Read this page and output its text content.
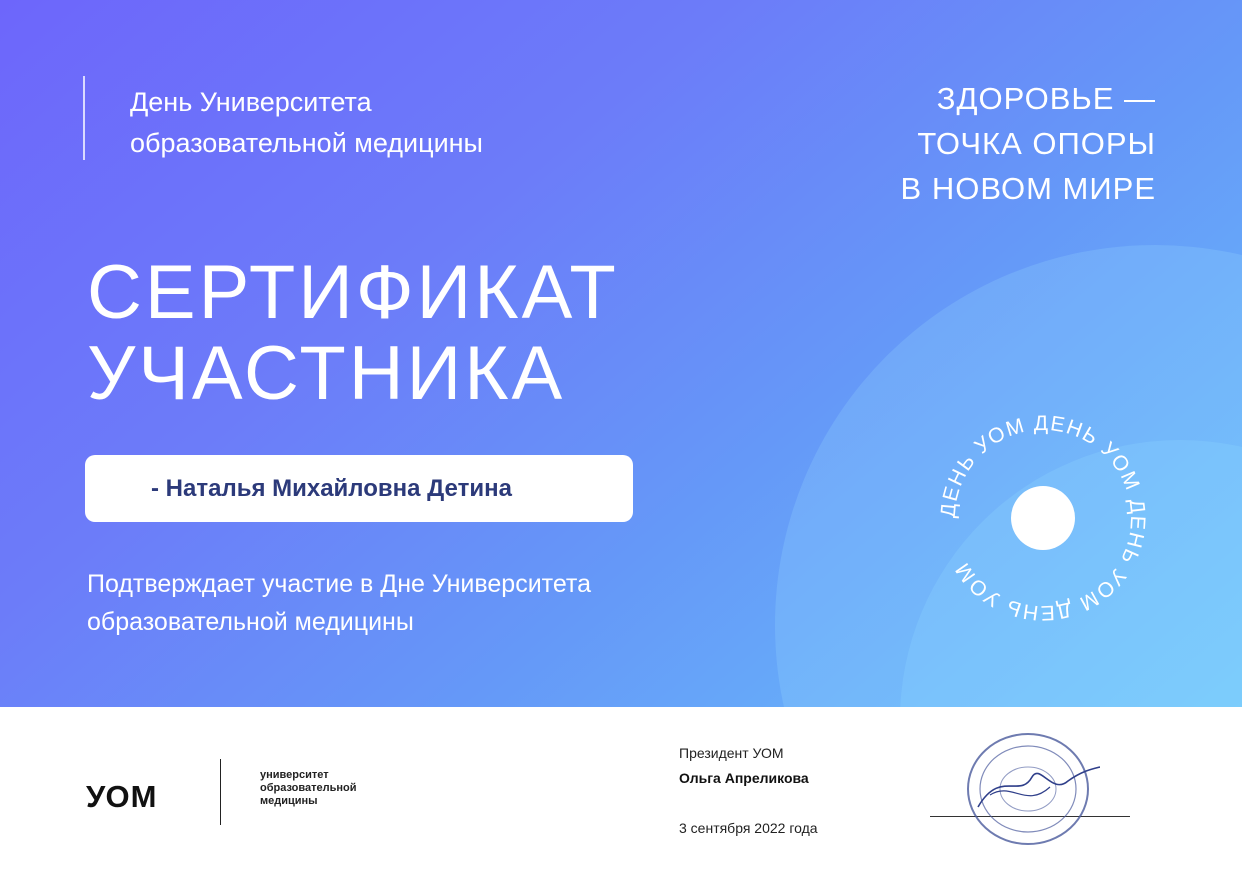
День Университета
образовательной медицины
ЗДОРОВЬЕ —
ТОЧКА ОПОРЫ
В НОВОМ МИРЕ
СЕРТИФИКАТ
УЧАСТНИКА
- Наталья Михайловна Детина
Подтверждает участие в Дне Университета
образовательной медицины
ДЕНЬ УОМ ДЕНЬ УОМ ДЕНЬ УОМ ДЕНЬ УОМ
УОМ
университет
образовательной
медицины
Президент УОМ
Ольга Апреликова
3 сентября 2022 года
